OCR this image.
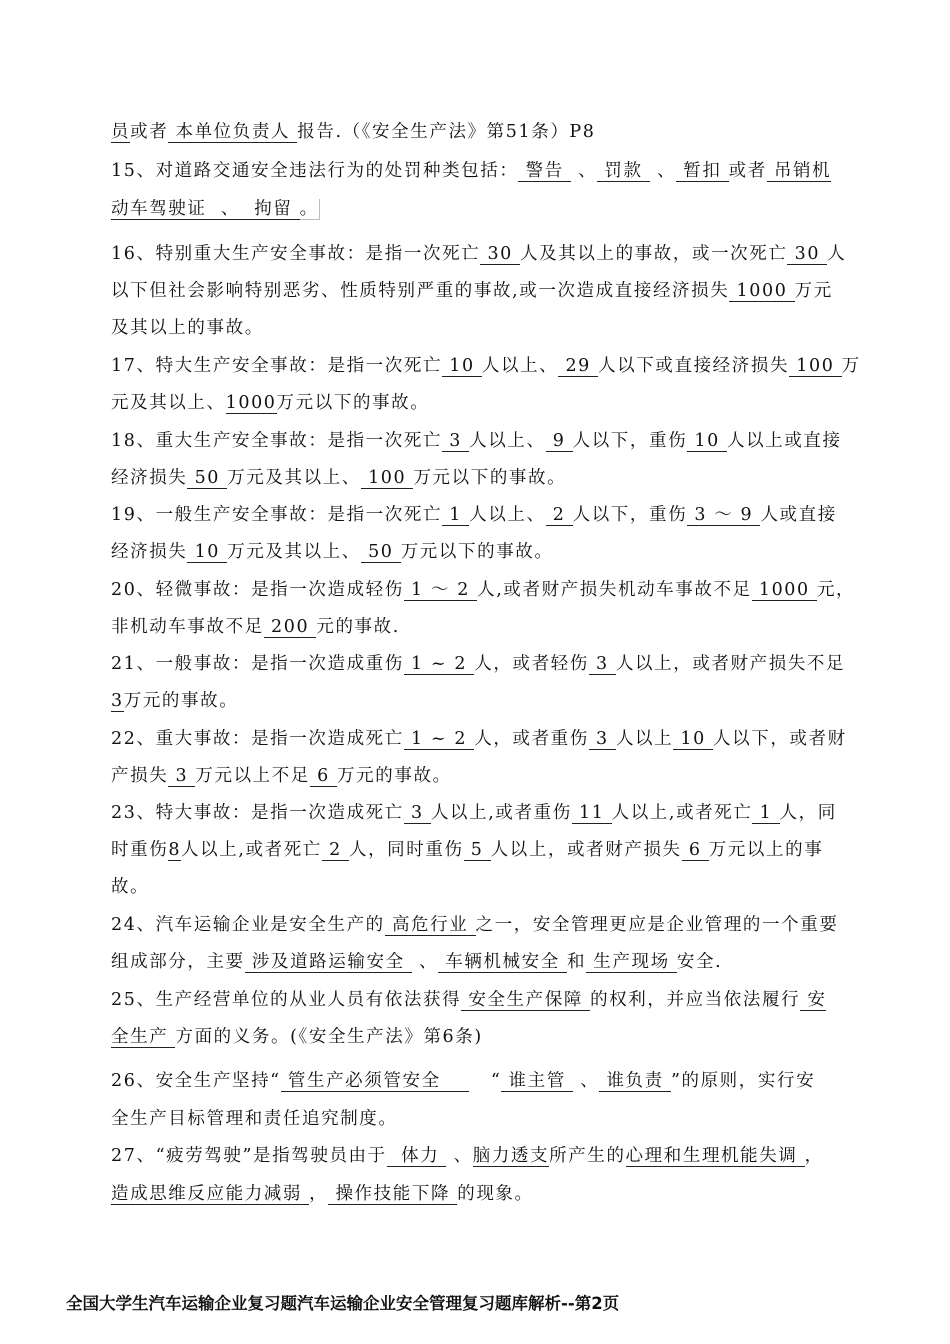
员或者 本单位负责人 报告.（《安全生产法》第51条）P8
15、对道路交通安全违法行为的处罚种类包括： 警告  、 罚款  、 暂扣 或者 吊销机
动车驾驶证  、  拘留 。
16、特别重大生产安全事故：是指一次死亡 30 人及其以上的事故，或一次死亡 30 人
以下但社会影响特别恶劣、性质特别严重的事故,或一次造成直接经济损失 1000 万元
及其以上的事故。
17、特大生产安全事故：是指一次死亡 10 人以上、 29 人以下或直接经济损失 100 万
元及其以上、1000万元以下的事故。
18、重大生产安全事故：是指一次死亡 3 人以上、 9 人以下，重伤 10 人以上或直接
经济损失 50 万元及其以上、 100 万元以下的事故。
19、一般生产安全事故：是指一次死亡 1 人以上、 2 人以下，重伤 3 ～ 9 人或直接
经济损失 10 万元及其以上、 50 万元以下的事故。
20、轻微事故：是指一次造成轻伤 1 ～ 2 人,或者财产损失机动车事故不足 1000 元，
非机动车事故不足 200 元的事故.
21、一般事故：是指一次造成重伤 1 ~ 2 人，或者轻伤 3 人以上，或者财产损失不足
3万元的事故。
22、重大事故：是指一次造成死亡 1 ~ 2 人，或者重伤 3 人以上 10 人以下，或者财
产损失 3 万元以上不足 6 万元的事故。
23、特大事故：是指一次造成死亡 3 人以上,或者重伤 11 人以上,或者死亡 1 人，同
时重伤8人以上,或者死亡 2 人，同时重伤 5 人以上，或者财产损失 6 万元以上的事
故。
24、汽车运输企业是安全生产的 高危行业 之一，安全管理更应是企业管理的一个重要
组成部分，主要 涉及道路运输安全  、 车辆机械安全 和 生产现场 安全.
25、生产经营单位的从业人员有依法获得 安全生产保障 的权利，并应当依法履行 安
全生产 方面的义务。(《安全生产法》第6条)
26、安全生产坚持“ 管生产必须管安全       “ 谁主管  、 谁负责 ”的原则，实行安
全生产目标管理和责任追究制度。
27、“疲劳驾驶”是指驾驶员由于  体力  、脑力透支所产生的心理和生理机能失调 ，
造成思维反应能力减弱 ， 操作技能下降 的现象。
全国大学生汽车运输企业复习题汽车运输企业安全管理复习题库解析--第2页
